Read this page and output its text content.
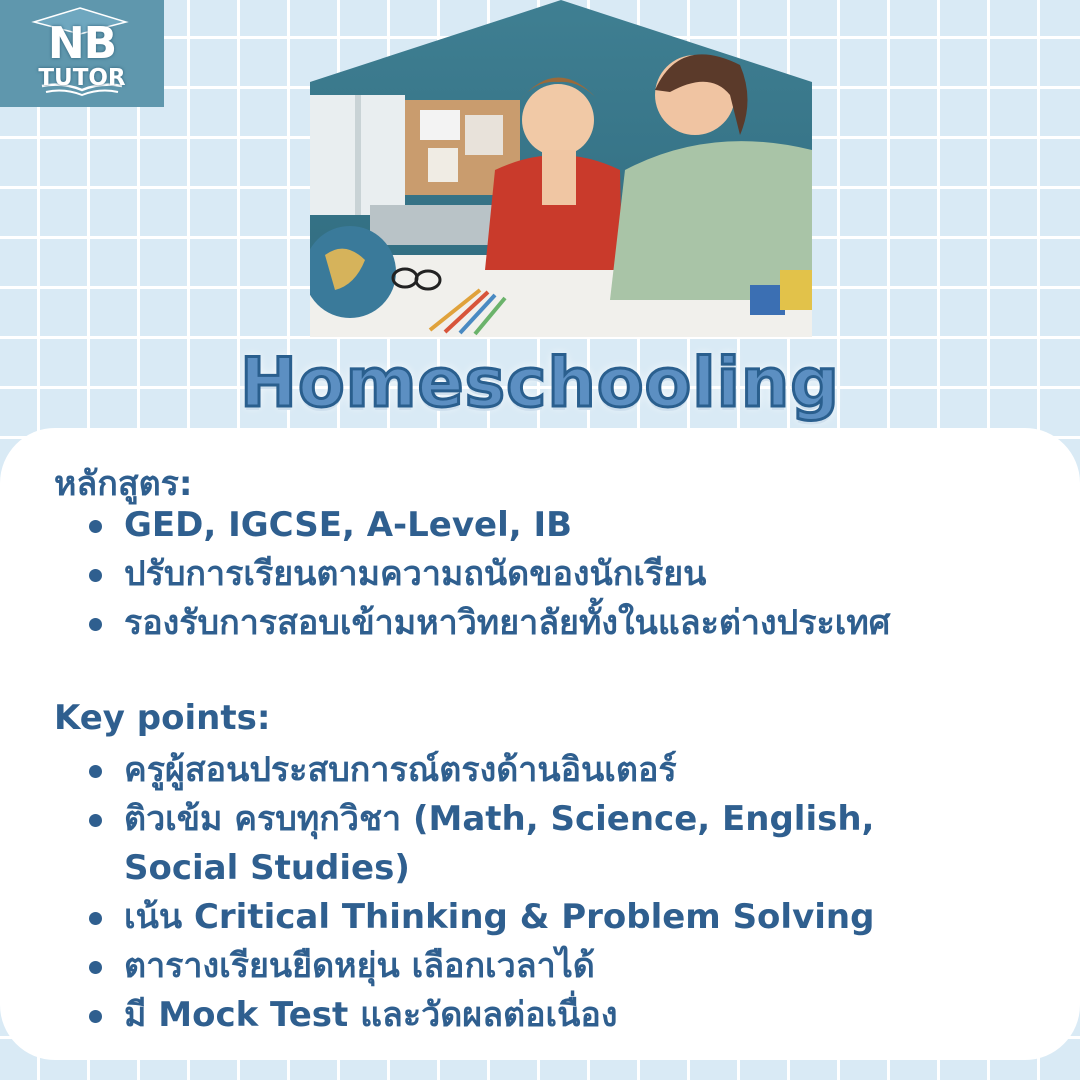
NB
TUTOR
Homeschooling
หลักสูตร:
GED, IGCSE, A-Level, IB
ปรับการเรียนตามความถนัดของนักเรียน
รองรับการสอบเข้ามหาวิทยาลัยทั้งในและต่างประเทศ
Key points:
ครูผู้สอนประสบการณ์ตรงด้านอินเตอร์
ติวเข้ม ครบทุกวิชา (Math, Science, English, Social Studies)
เน้น Critical Thinking & Problem Solving
ตารางเรียนยืดหยุ่น เลือกเวลาได้
มี Mock Test และวัดผลต่อเนื่อง
